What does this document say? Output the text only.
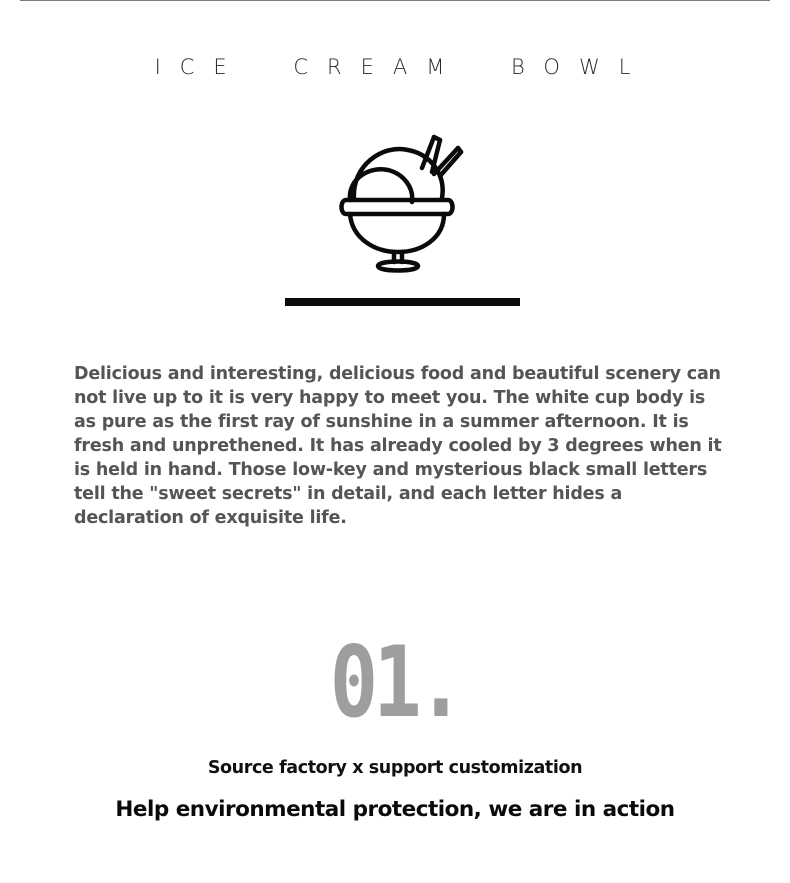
ICE CREAM BOWL

Delicious and interesting, delicious food and beautiful scenery can not live up to it is very happy to meet you. The white cup body is as pure as the first ray of sunshine in a summer afternoon. It is fresh and unprethened. It has already cooled by 3 degrees when it is held in hand. Those low-key and mysterious black small letters tell the "sweet secrets" in detail, and each letter hides a declaration of exquisite life.

01.
Source factory x support customization
Help environmental protection, we are in action
